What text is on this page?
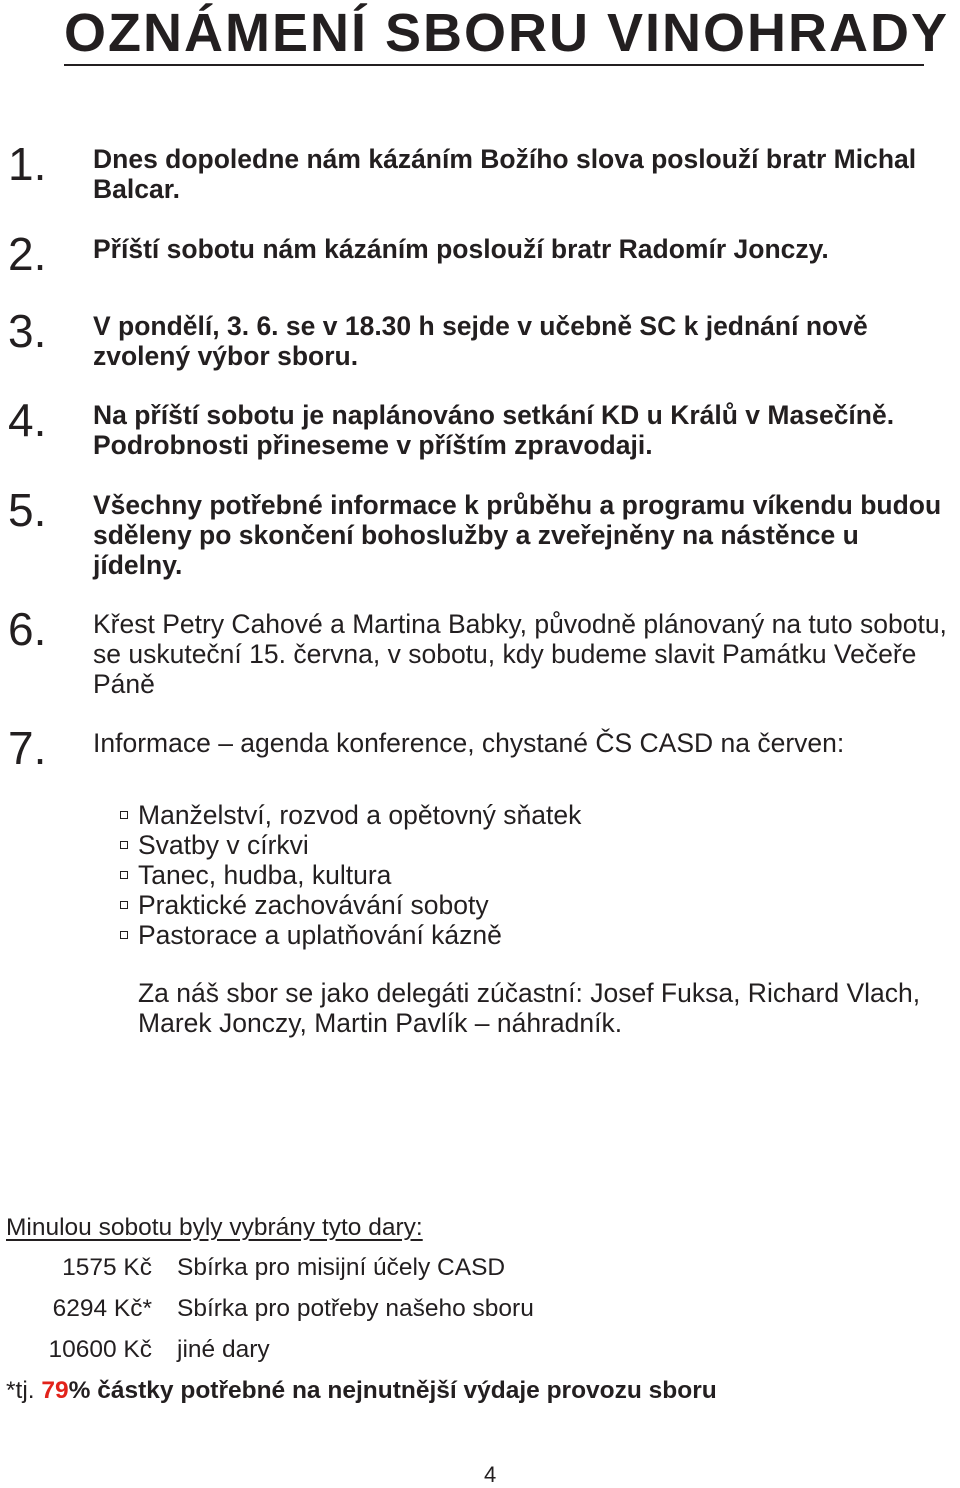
OZNÁMENÍ SBORU VINOHRADY
1. Dnes dopoledne nám kázáním Božího slova poslouží bratr Michal Balcar.
2. Příští sobotu nám kázáním poslouží bratr Radomír Jonczy.
3. V pondělí, 3. 6. se v 18.30 h sejde v učebně SC k jednání nově zvolený výbor sboru.
4. Na příští sobotu je naplánováno setkání KD u Králů v Masečíně. Podrobnosti přineseme v příštím zpravodaji.
5. Všechny potřebné informace k průběhu a programu víkendu budou sděleny po skončení bohoslužby a zveřejněny na nástěnce u jídelny.
6. Křest Petry Cahové a Martina Babky, původně plánovaný na tuto sobotu, se uskuteční 15. června, v sobotu, kdy budeme slavit Památku Večeře Páně
7. Informace – agenda konference, chystané ČS CASD na červen:
Manželství, rozvod a opětovný sňatek
Svatby v církvi
Tanec, hudba, kultura
Praktické zachovávání soboty
Pastorace a uplatňování kázně
Za náš sbor se jako delegáti zúčastní: Josef Fuksa, Richard Vlach, Marek Jonczy, Martin Pavlík – náhradník.
Minulou sobotu byly vybrány tyto dary:
1575 Kč Sbírka pro misijní účely CASD
6294 Kč* Sbírka pro potřeby našeho sboru
10600 Kč jiné dary
*tj. 79% částky potřebné na nejnutnější výdaje provozu sboru
4
